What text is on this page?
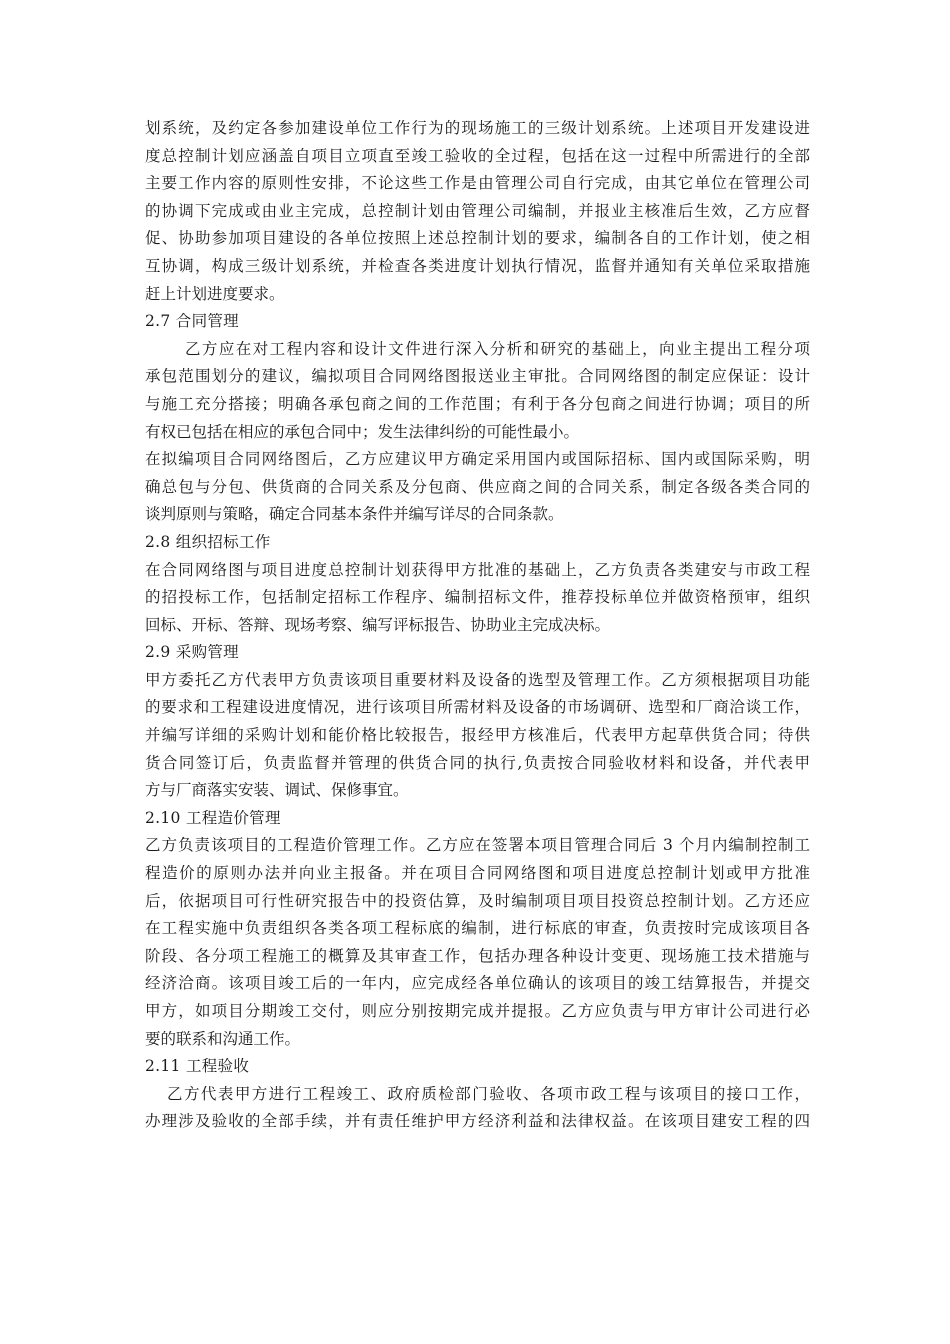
划系统，及约定各参加建设单位工作行为的现场施工的三级计划系统。上述项目开发建设进
度总控制计划应涵盖自项目立项直至竣工验收的全过程，包括在这一过程中所需进行的全部
主要工作内容的原则性安排，不论这些工作是由管理公司自行完成，由其它单位在管理公司
的协调下完成或由业主完成，总控制计划由管理公司编制，并报业主核准后生效，乙方应督
促、协助参加项目建设的各单位按照上述总控制计划的要求，编制各自的工作计划，使之相
互协调，构成三级计划系统，并检查各类进度计划执行情况，监督并通知有关单位采取措施
赶上计划进度要求。
2.7 合同管理
乙方应在对工程内容和设计文件进行深入分析和研究的基础上，向业主提出工程分项
承包范围划分的建议，编拟项目合同网络图报送业主审批。合同网络图的制定应保证：设计
与施工充分搭接；明确各承包商之间的工作范围；有利于各分包商之间进行协调；项目的所
有权已包括在相应的承包合同中；发生法律纠纷的可能性最小。
在拟编项目合同网络图后，乙方应建议甲方确定采用国内或国际招标、国内或国际采购，明
确总包与分包、供货商的合同关系及分包商、供应商之间的合同关系，制定各级各类合同的
谈判原则与策略，确定合同基本条件并编写详尽的合同条款。
2.8 组织招标工作
在合同网络图与项目进度总控制计划获得甲方批准的基础上，乙方负责各类建安与市政工程
的招投标工作，包括制定招标工作程序、编制招标文件，推荐投标单位并做资格预审，组织
回标、开标、答辩、现场考察、编写评标报告、协助业主完成决标。
2.9 采购管理
甲方委托乙方代表甲方负责该项目重要材料及设备的选型及管理工作。乙方须根据项目功能
的要求和工程建设进度情况，进行该项目所需材料及设备的市场调研、选型和厂商洽谈工作，
并编写详细的采购计划和能价格比较报告，报经甲方核准后，代表甲方起草供货合同；待供
货合同签订后，负责监督并管理的供货合同的执行,负责按合同验收材料和设备，并代表甲
方与厂商落实安装、调试、保修事宜。
2.10 工程造价管理
乙方负责该项目的工程造价管理工作。乙方应在签署本项目管理合同后 3 个月内编制控制工
程造价的原则办法并向业主报备。并在项目合同网络图和项目进度总控制计划或甲方批准
后，依据项目可行性研究报告中的投资估算，及时编制项目项目投资总控制计划。乙方还应
在工程实施中负责组织各类各项工程标底的编制，进行标底的审查，负责按时完成该项目各
阶段、各分项工程施工的概算及其审查工作，包括办理各种设计变更、现场施工技术措施与
经济洽商。该项目竣工后的一年内，应完成经各单位确认的该项目的竣工结算报告，并提交
甲方，如项目分期竣工交付，则应分别按期完成并提报。乙方应负责与甲方审计公司进行必
要的联系和沟通工作。
2.11 工程验收
乙方代表甲方进行工程竣工、政府质检部门验收、各项市政工程与该项目的接口工作，
办理涉及验收的全部手续，并有责任维护甲方经济利益和法律权益。在该项目建安工程的四
